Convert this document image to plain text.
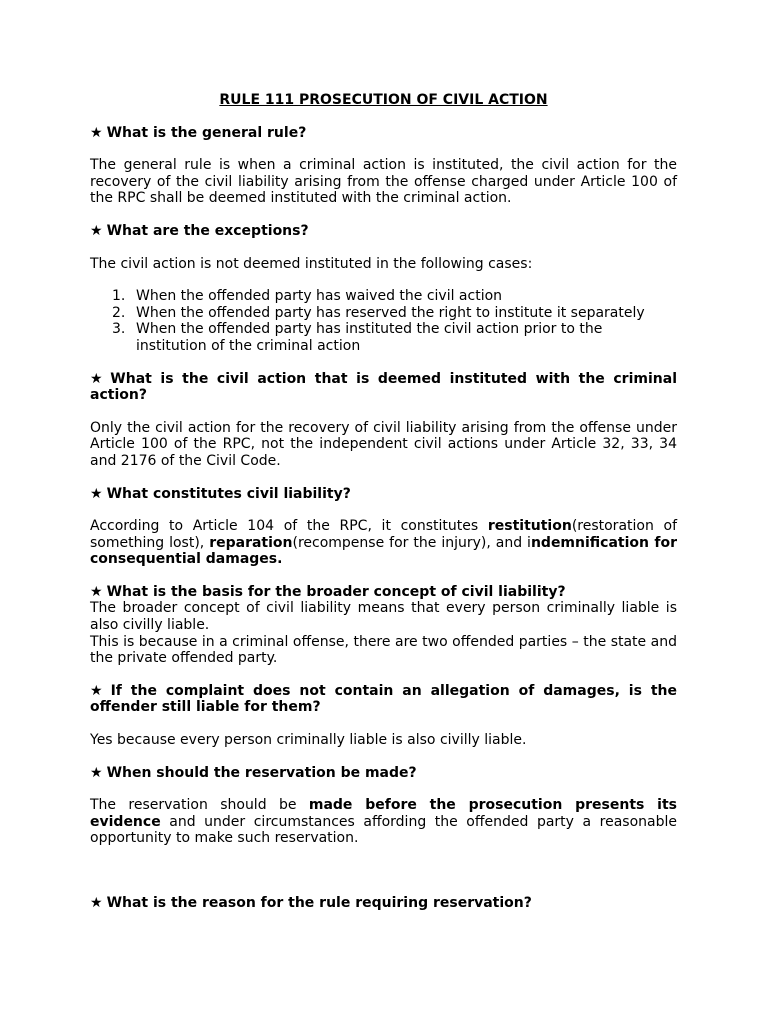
RULE 111 PROSECUTION OF CIVIL ACTION
★ What is the general rule?
The general rule is when a criminal action is instituted, the civil action for the recovery of the civil liability arising from the offense charged under Article 100 of the RPC shall be deemed instituted with the criminal action.
★ What are the exceptions?
The civil action is not deemed instituted in the following cases:
1. When the offended party has waived the civil action
2. When the offended party has reserved the right to institute it separately
3. When the offended party has instituted the civil action prior to the institution of the criminal action
★ What is the civil action that is deemed instituted with the criminal action?
Only the civil action for the recovery of civil liability arising from the offense under Article 100 of the RPC, not the independent civil actions under Article 32, 33, 34 and 2176 of the Civil Code.
★ What constitutes civil liability?
According to Article 104 of the RPC, it constitutes restitution(restoration of something lost), reparation(recompense for the injury), and indemnification for consequential damages.
★ What is the basis for the broader concept of civil liability?
The broader concept of civil liability means that every person criminally liable is also civilly liable.
This is because in a criminal offense, there are two offended parties – the state and the private offended party.
★ If the complaint does not contain an allegation of damages, is the offender still liable for them?
Yes because every person criminally liable is also civilly liable.
★ When should the reservation be made?
The reservation should be made before the prosecution presents its evidence and under circumstances affording the offended party a reasonable opportunity to make such reservation.
★ What is the reason for the rule requiring reservation?
